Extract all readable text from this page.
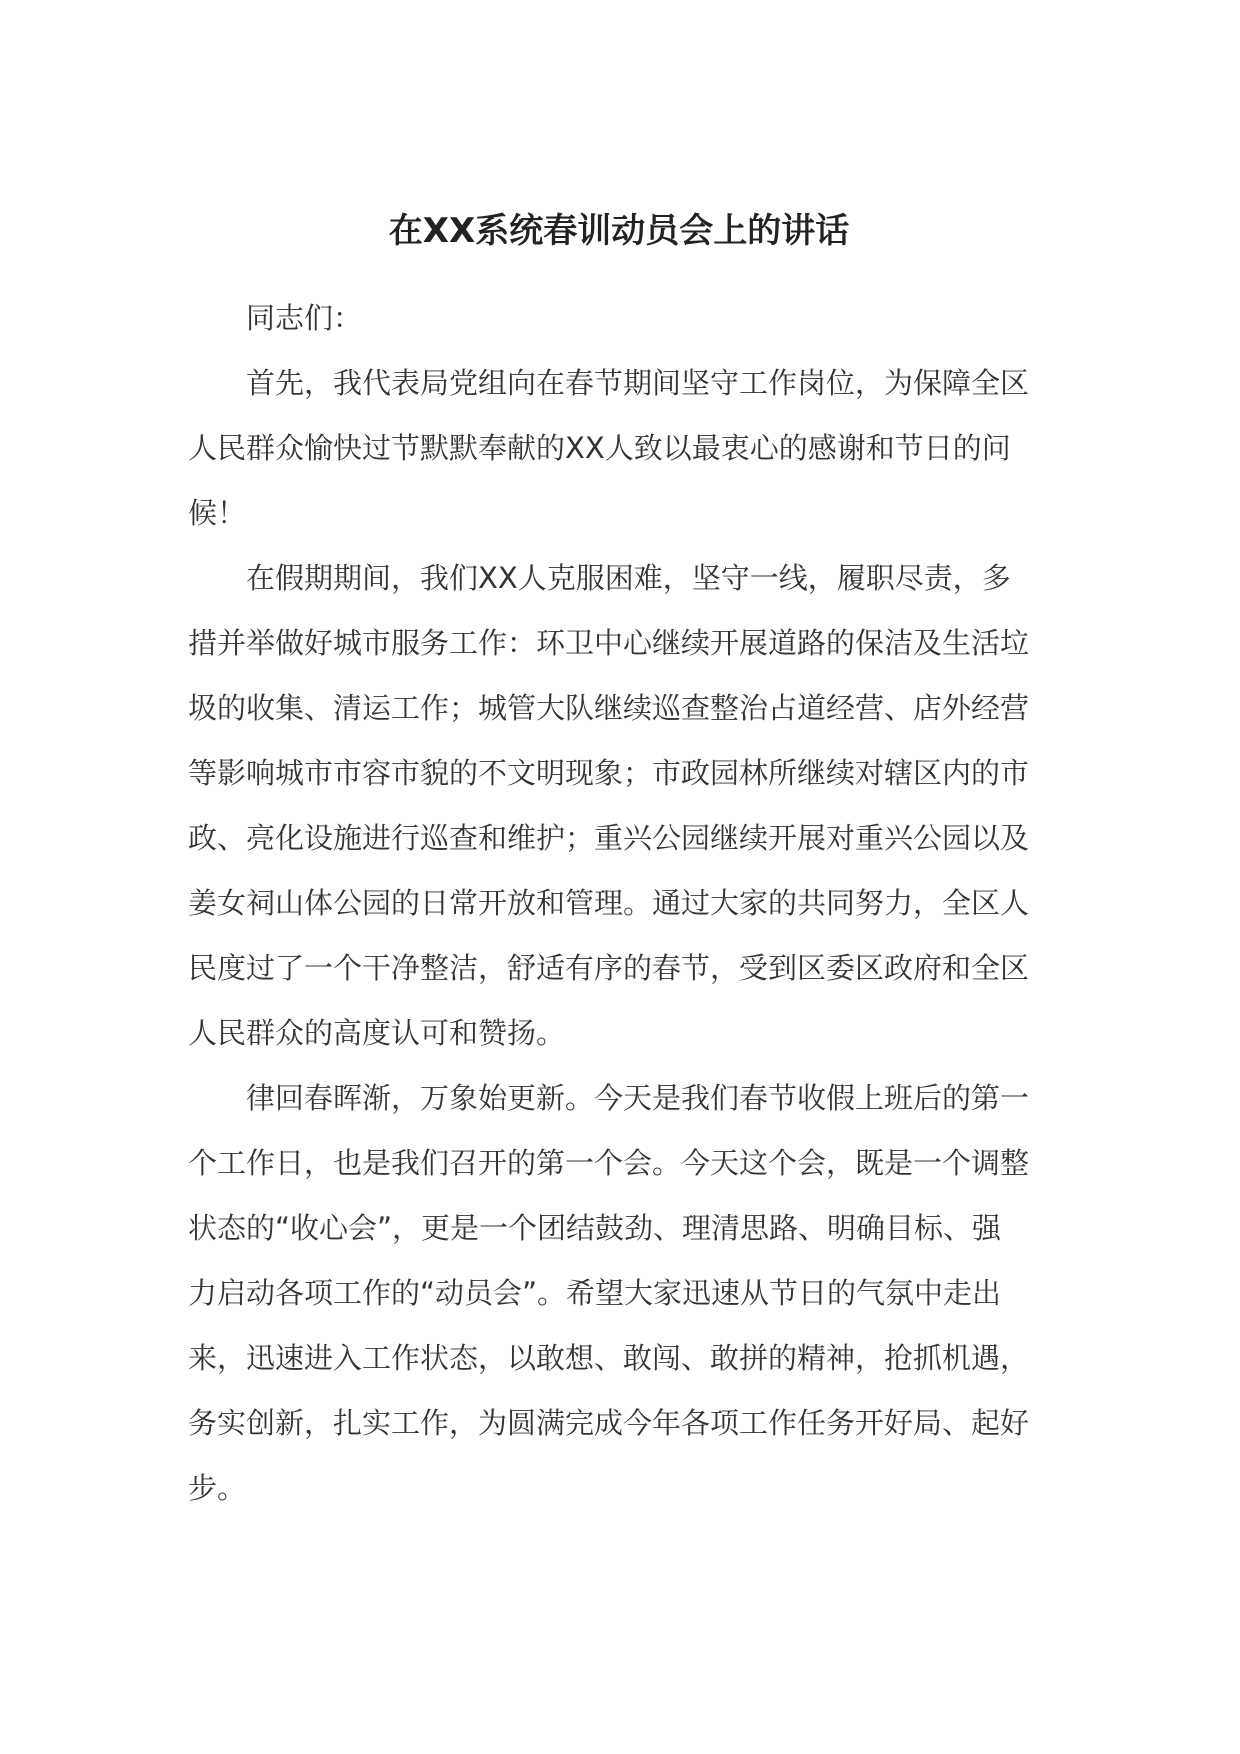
在XX系统春训动员会上的讲话

同志们：

首先，我代表局党组向在春节期间坚守工作岗位，为保障全区
人民群众愉快过节默默奉献的XX人致以最衷心的感谢和节日的问
候！
在假期期间，我们XX人克服困难，坚守一线，履职尽责，多
措并举做好城市服务工作：环卫中心继续开展道路的保洁及生活垃
圾的收集、清运工作；城管大队继续巡查整治占道经营、店外经营
等影响城市市容市貌的不文明现象；市政园林所继续对辖区内的市
政、亮化设施进行巡查和维护；重兴公园继续开展对重兴公园以及
姜女祠山体公园的日常开放和管理。通过大家的共同努力，全区人
民度过了一个干净整洁，舒适有序的春节，受到区委区政府和全区
人民群众的高度认可和赞扬。
律回春晖渐，万象始更新。今天是我们春节收假上班后的第一
个工作日，也是我们召开的第一个会。今天这个会，既是一个调整
状态的“收心会”，更是一个团结鼓劲、理清思路、明确目标、强
力启动各项工作的“动员会”。希望大家迅速从节日的气氛中走出
来，迅速进入工作状态，以敢想、敢闯、敢拼的精神，抢抓机遇，
务实创新，扎实工作，为圆满完成今年各项工作任务开好局、起好
步。
